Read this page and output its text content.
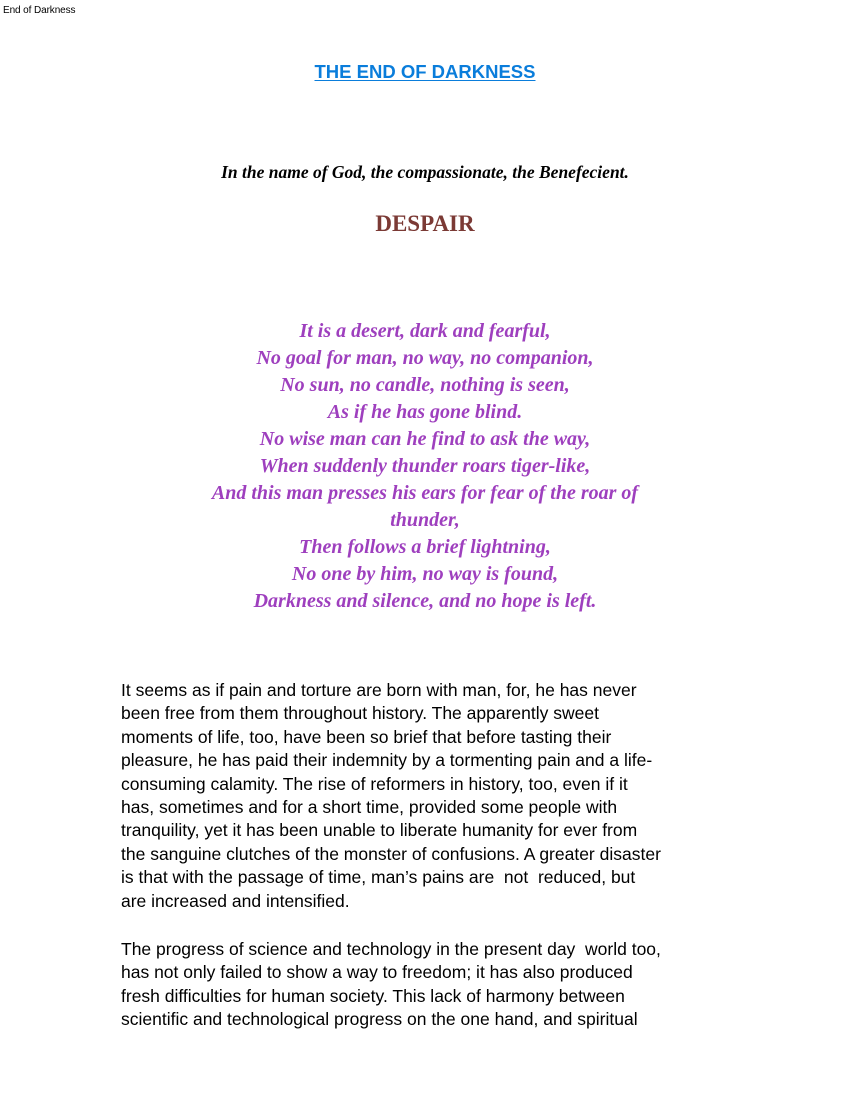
End of Darkness
THE END OF DARKNESS
In the name of God, the compassionate, the Benefecient.
DESPAIR
It is a desert, dark and fearful,
No goal for man, no way, no companion,
No sun, no candle, nothing is seen,
As if he has gone blind.
No wise man can he find to ask the way,
When suddenly thunder roars tiger-like,
And this man presses his ears for fear of the roar of
thunder,
Then follows a brief lightning,
No one by him, no way is found,
Darkness and silence, and no hope is left.
It seems as if pain and torture are born with man, for, he has never
been free from them throughout history. The apparently sweet
moments of life, too, have been so brief that before tasting their
pleasure, he has paid their indemnity by a tormenting pain and a life-
consuming calamity. The rise of reformers in history, too, even if it
has, sometimes and for a short time, provided some people with
tranquility, yet it has been unable to liberate humanity for ever from
the sanguine clutches of the monster of confusions. A greater disaster
is that with the passage of time, man’s pains are  not  reduced, but
are increased and intensified.
The progress of science and technology in the present day  world too,
has not only failed to show a way to freedom; it has also produced
fresh difficulties for human society. This lack of harmony between
scientific and technological progress on the one hand, and spiritual
